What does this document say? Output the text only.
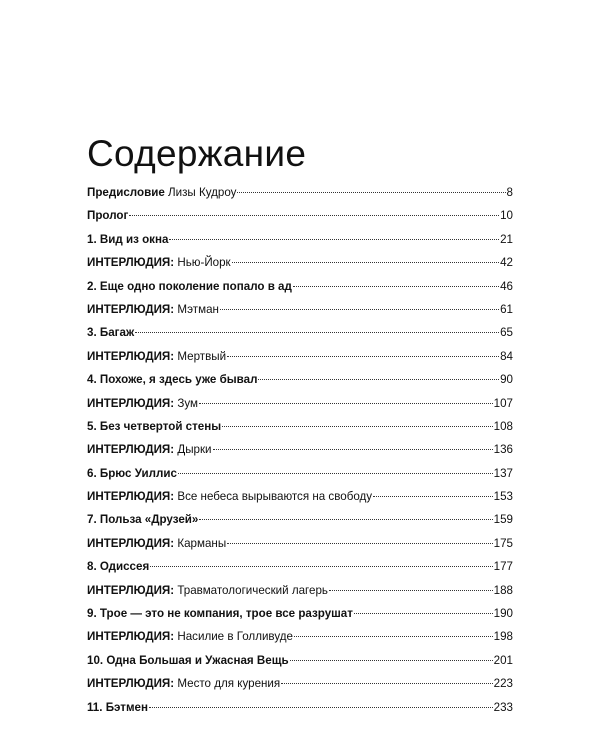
Содержание
Предисловие Лизы Кудроу	8
Пролог	10
1. Вид из окна	21
ИНТЕРЛЮДИЯ: Нью-Йорк	42
2. Еще одно поколение попало в ад	46
ИНТЕРЛЮДИЯ: Мэтман	61
3. Багаж	65
ИНТЕРЛЮДИЯ: Мертвый	84
4. Похоже, я здесь уже бывал	90
ИНТЕРЛЮДИЯ: Зум	107
5. Без четвертой стены	108
ИНТЕРЛЮДИЯ: Дырки	136
6. Брюс Уиллис	137
ИНТЕРЛЮДИЯ: Все небеса вырываются на свободу	153
7. Польза «Друзей»	159
ИНТЕРЛЮДИЯ: Карманы	175
8. Одиссея	177
ИНТЕРЛЮДИЯ: Травматологический лагерь	188
9. Трое — это не компания, трое все разрушат	190
ИНТЕРЛЮДИЯ: Насилие в Голливуде	198
10. Одна Большая и Ужасная Вещь	201
ИНТЕРЛЮДИЯ: Место для курения	223
11. Бэтмен	233
